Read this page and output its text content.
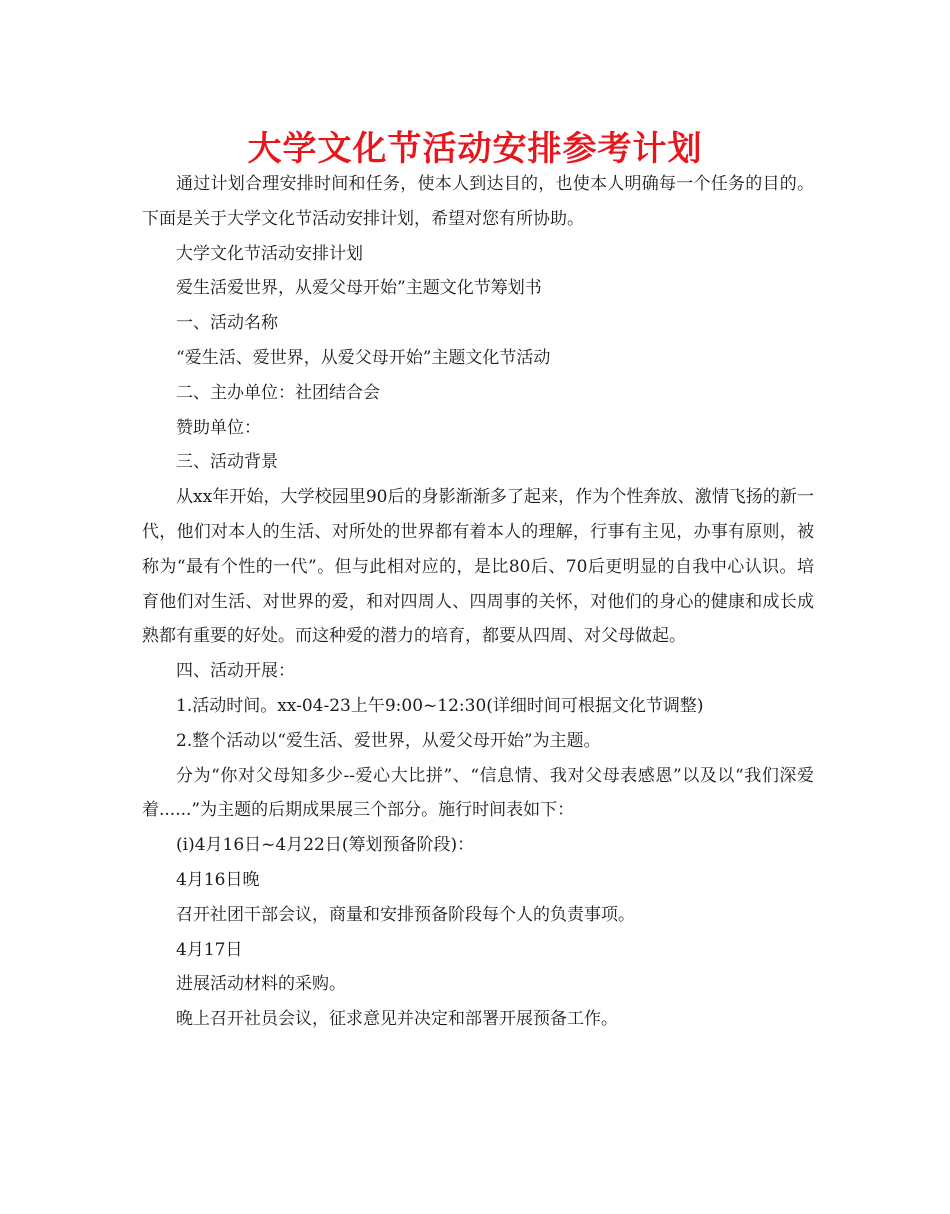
大学文化节活动安排参考计划

通过计划合理安排时间和任务，使本人到达目的，也使本人明确每一个任务的目的。下面是关于大学文化节活动安排计划，希望对您有所协助。

大学文化节活动安排计划

爱生活爱世界，从爱父母开始”主题文化节筹划书

一、活动名称

“爱生活、爱世界，从爱父母开始”主题文化节活动

二、主办单位：社团结合会

赞助单位：

三、活动背景

从xx年开始，大学校园里90后的身影渐渐多了起来，作为个性奔放、激情飞扬的新一代，他们对本人的生活、对所处的世界都有着本人的理解，行事有主见，办事有原则，被称为“最有个性的一代”。但与此相对应的，是比80后、70后更明显的自我中心认识。培育他们对生活、对世界的爱，和对四周人、四周事的关怀，对他们的身心的健康和成长成熟都有重要的好处。而这种爱的潜力的培育，都要从四周、对父母做起。

四、活动开展：

1.活动时间。xx-04-23上午9:00~12:30(详细时间可根据文化节调整)

2.整个活动以“爱生活、爱世界，从爱父母开始”为主题。

分为“你对父母知多少--爱心大比拼”、“信息情、我对父母表感恩”以及以“我们深爱着......”为主题的后期成果展三个部分。施行时间表如下：

(i)4月16日~4月22日(筹划预备阶段)：

4月16日晚

召开社团干部会议，商量和安排预备阶段每个人的负责事项。

4月17日

进展活动材料的采购。

晚上召开社员会议，征求意见并决定和部署开展预备工作。
